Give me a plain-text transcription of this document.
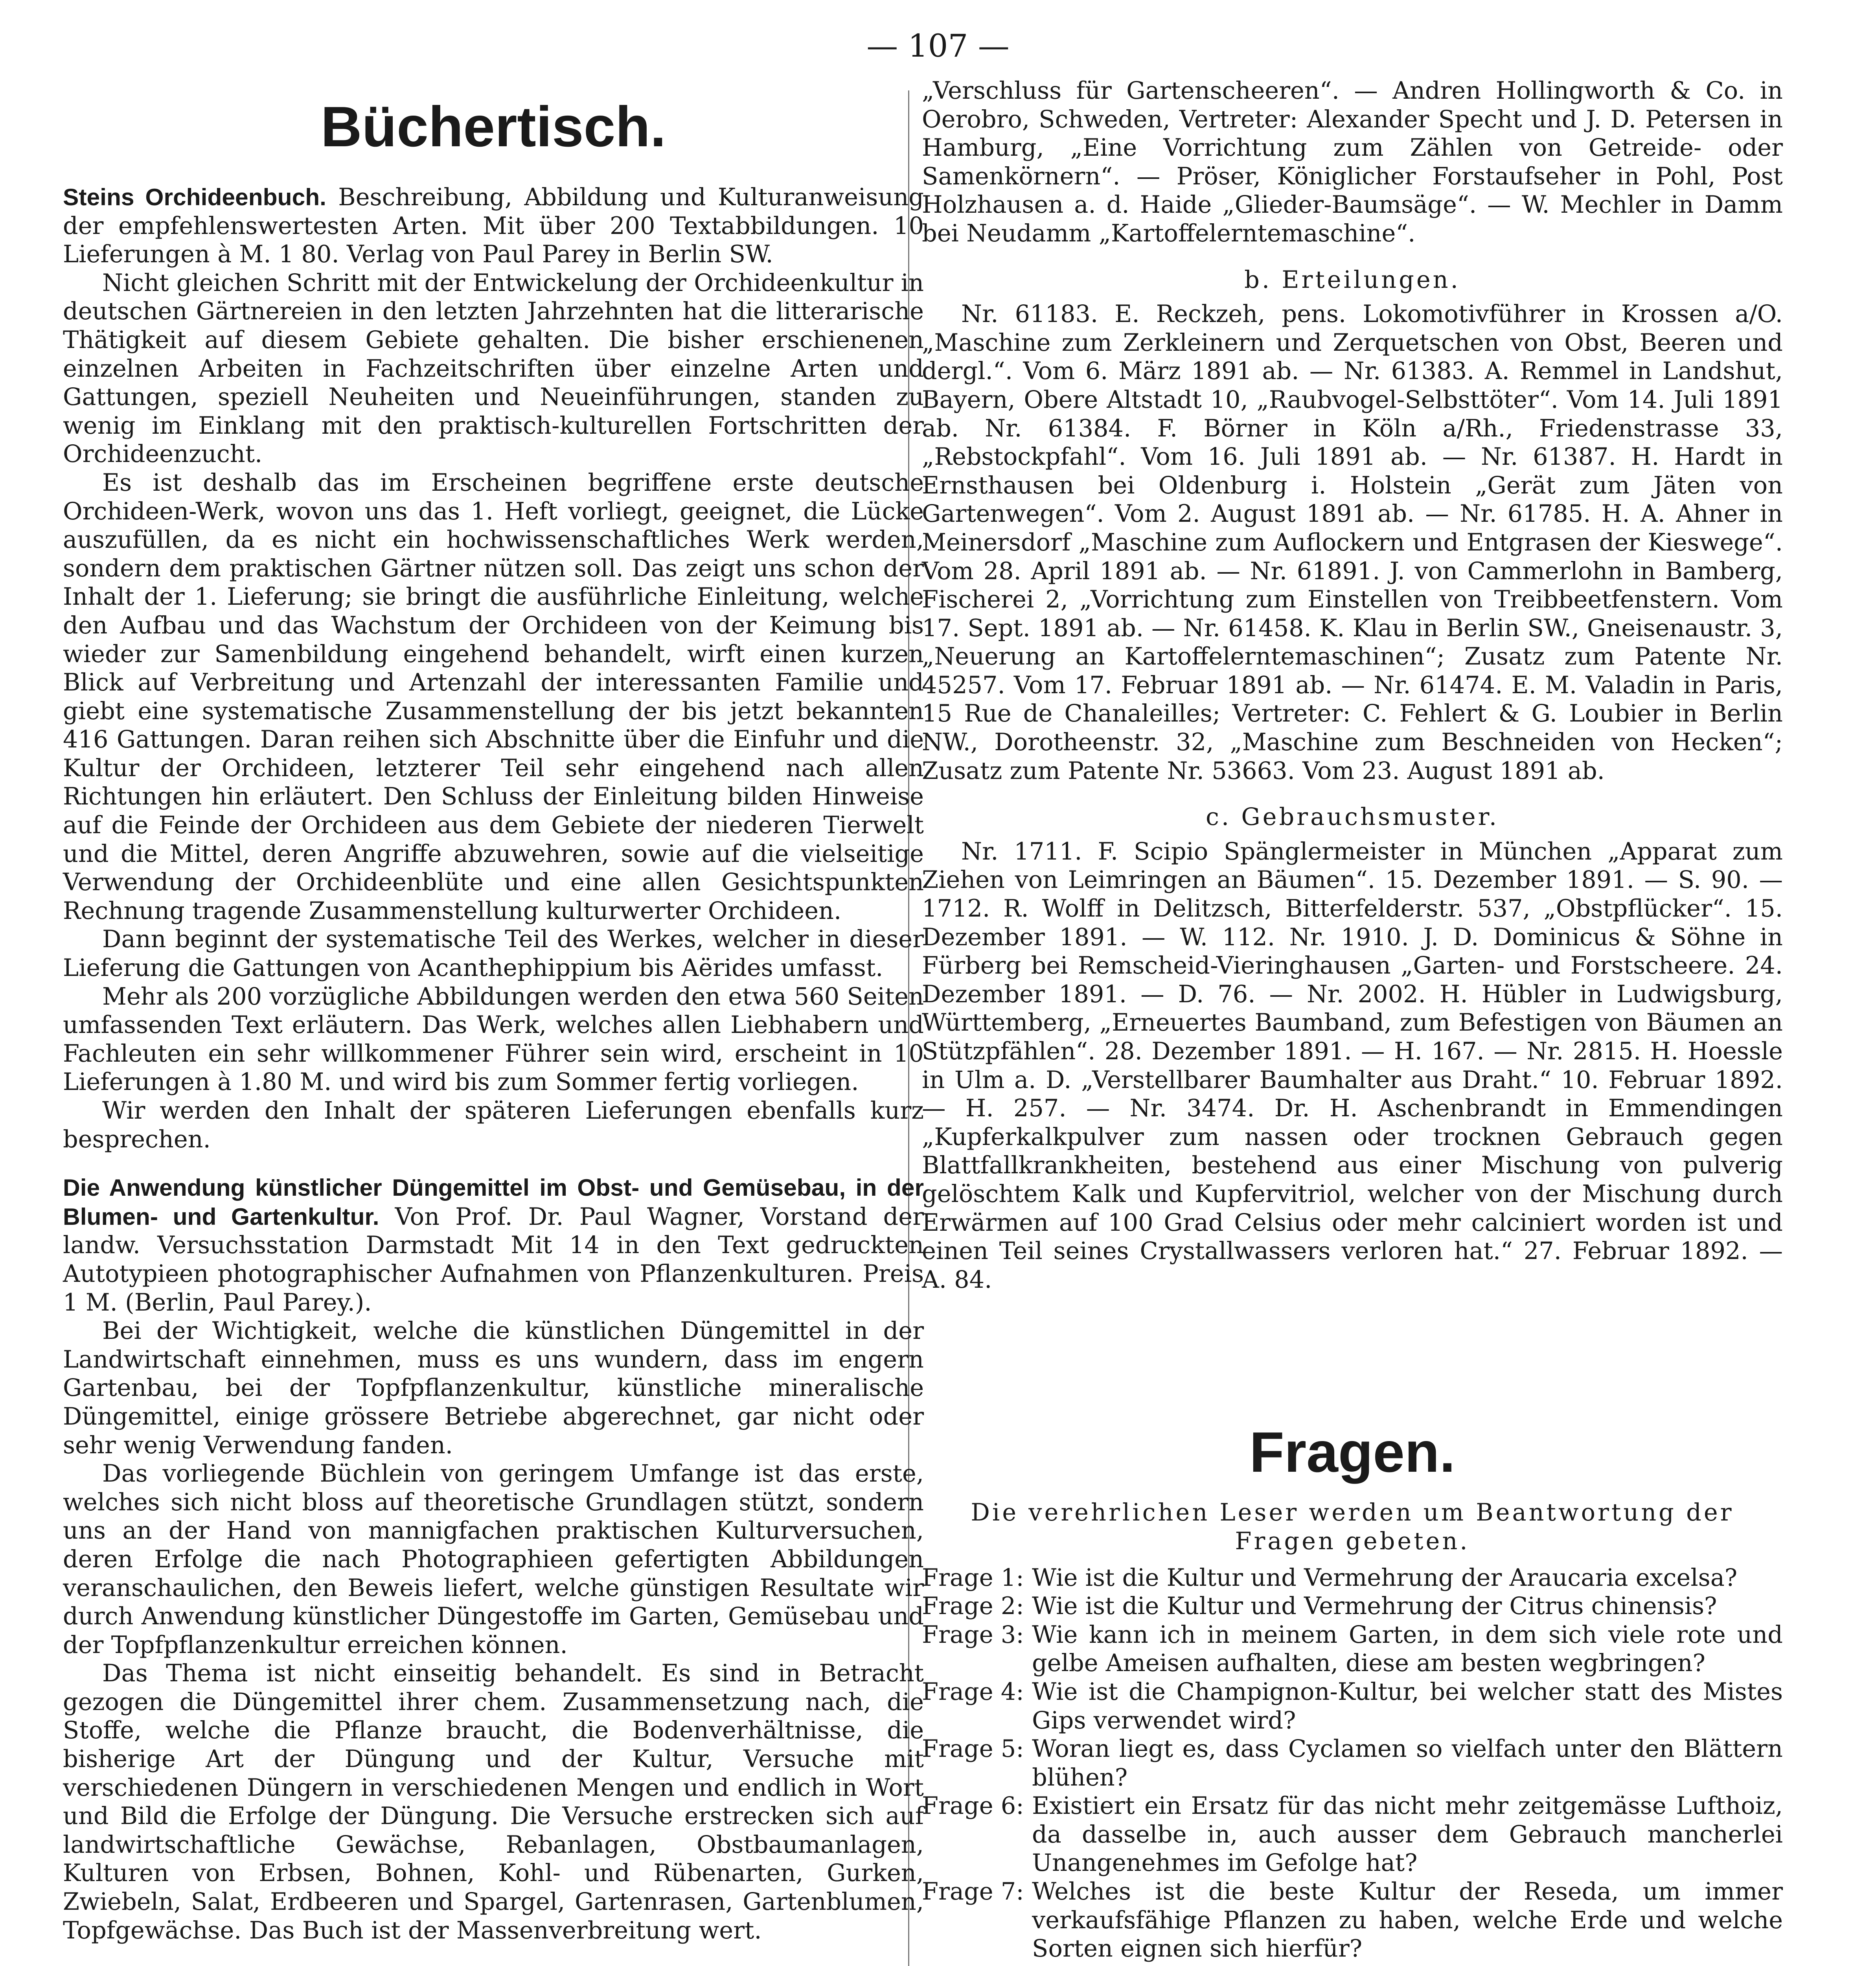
— 107 —
Büchertisch.

Steins Orchideenbuch. Beschreibung, Abbildung und Kulturanweisung der empfehlenswertesten Arten. Mit über 200 Textabbildungen. 10 Lieferungen à M. 1 80. Verlag von Paul Parey in Berlin SW.

Nicht gleichen Schritt mit der Entwickelung der Orchideenkultur in deutschen Gärtnereien in den letzten Jahrzehnten hat die litterarische Thätigkeit auf diesem Gebiete gehalten. Die bisher erschienenen einzelnen Arbeiten in Fachzeitschriften über einzelne Arten und Gattungen, speziell Neuheiten und Neueinführungen, standen zu wenig im Einklang mit den praktisch-kulturellen Fortschritten der Orchideenzucht.

Es ist deshalb das im Erscheinen begriffene erste deutsche Orchideen-Werk, wovon uns das 1. Heft vorliegt, geeignet, die Lücke auszufüllen, da es nicht ein hochwissenschaftliches Werk werden, sondern dem praktischen Gärtner nützen soll. Das zeigt uns schon der Inhalt der 1. Lieferung; sie bringt die ausführliche Einleitung, welche den Aufbau und das Wachstum der Orchideen von der Keimung bis wieder zur Samenbildung eingehend behandelt, wirft einen kurzen Blick auf Verbreitung und Artenzahl der interessanten Familie und giebt eine systematische Zusammenstellung der bis jetzt bekannten 416 Gattungen. Daran reihen sich Abschnitte über die Einfuhr und die Kultur der Orchideen, letzterer Teil sehr eingehend nach allen Richtungen hin erläutert. Den Schluss der Einleitung bilden Hinweise auf die Feinde der Orchideen aus dem Gebiete der niederen Tierwelt und die Mittel, deren Angriffe abzuwehren, sowie auf die vielseitige Verwendung der Orchideenblüte und eine allen Gesichtspunkten Rechnung tragende Zusammenstellung kulturwerter Orchideen.

Dann beginnt der systematische Teil des Werkes, welcher in dieser Lieferung die Gattungen von Acanthephippium bis Aërides umfasst.

Mehr als 200 vorzügliche Abbildungen werden den etwa 560 Seiten umfassenden Text erläutern. Das Werk, welches allen Liebhabern und Fachleuten ein sehr willkommener Führer sein wird, erscheint in 10 Lieferungen à 1.80 M. und wird bis zum Sommer fertig vorliegen.

Wir werden den Inhalt der späteren Lieferungen ebenfalls kurz besprechen.

Die Anwendung künstlicher Düngemittel im Obst- und Gemüsebau, in der Blumen- und Gartenkultur. Von Prof. Dr. Paul Wagner, Vorstand der landw. Versuchsstation Darmstadt Mit 14 in den Text gedruckten Autotypieen photographischer Aufnahmen von Pflanzenkulturen. Preis 1 M. (Berlin, Paul Parey.).

Bei der Wichtigkeit, welche die künstlichen Düngemittel in der Landwirtschaft einnehmen, muss es uns wundern, dass im engern Gartenbau, bei der Topfpflanzenkultur, künstliche mineralische Düngemittel, einige grössere Betriebe abgerechnet, gar nicht oder sehr wenig Verwendung fanden.

Das vorliegende Büchlein von geringem Umfange ist das erste, welches sich nicht bloss auf theoretische Grundlagen stützt, sondern uns an der Hand von mannigfachen praktischen Kulturversuchen, deren Erfolge die nach Photographieen gefertigten Abbildungen veranschaulichen, den Beweis liefert, welche günstigen Resultate wir durch Anwendung künstlicher Düngestoffe im Garten, Gemüsebau und der Topfpflanzenkultur erreichen können.

Das Thema ist nicht einseitig behandelt. Es sind in Betracht gezogen die Düngemittel ihrer chem. Zusammensetzung nach, die Stoffe, welche die Pflanze braucht, die Bodenverhältnisse, die bisherige Art der Düngung und der Kultur, Versuche mit verschiedenen Düngern in verschiedenen Mengen und endlich in Wort und Bild die Erfolge der Düngung. Die Versuche erstrecken sich auf landwirtschaftliche Gewächse, Rebanlagen, Obstbaumanlagen, Kulturen von Erbsen, Bohnen, Kohl- und Rübenarten, Gurken, Zwiebeln, Salat, Erdbeeren und Spargel, Gartenrasen, Gartenblumen, Topfgewächse. Das Buch ist der Massenverbreitung wert.

„Verschluss für Gartenscheeren“. — Andren Hollingworth & Co. in Oerobro, Schweden, Vertreter: Alexander Specht und J. D. Petersen in Hamburg, „Eine Vorrichtung zum Zählen von Getreide- oder Samenkörnern“. — Pröser, Königlicher Forstaufseher in Pohl, Post Holzhausen a. d. Haide „Glieder-Baumsäge“. — W. Mechler in Damm bei Neudamm „Kartoffelerntemaschine“.

b. Erteilungen.

Nr. 61183. E. Reckzeh, pens. Lokomotivführer in Krossen a/O. „Maschine zum Zerkleinern und Zerquetschen von Obst, Beeren und dergl.“. Vom 6. März 1891 ab. — Nr. 61383. A. Remmel in Landshut, Bayern, Obere Altstadt 10, „Raubvogel-Selbsttöter“. Vom 14. Juli 1891 ab. Nr. 61384. F. Börner in Köln a/Rh., Friedenstrasse 33, „Rebstockpfahl“. Vom 16. Juli 1891 ab. — Nr. 61387. H. Hardt in Ernsthausen bei Oldenburg i. Holstein „Gerät zum Jäten von Gartenwegen“. Vom 2. August 1891 ab. — Nr. 61785. H. A. Ahner in Meinersdorf „Maschine zum Auflockern und Entgrasen der Kieswege“. Vom 28. April 1891 ab. — Nr. 61891. J. von Cammerlohn in Bamberg, Fischerei 2, „Vorrichtung zum Einstellen von Treibbeetfenstern. Vom 17. Sept. 1891 ab. — Nr. 61458. K. Klau in Berlin SW., Gneisenaustr. 3, „Neuerung an Kartoffelerntemaschinen“; Zusatz zum Patente Nr. 45257. Vom 17. Februar 1891 ab. — Nr. 61474. E. M. Valadin in Paris, 15 Rue de Chanaleilles; Vertreter: C. Fehlert & G. Loubier in Berlin NW., Dorotheenstr. 32, „Maschine zum Beschneiden von Hecken“; Zusatz zum Patente Nr. 53663. Vom 23. August 1891 ab.

c. Gebrauchsmuster.

Nr. 1711. F. Scipio Spänglermeister in München „Apparat zum Ziehen von Leimringen an Bäumen“. 15. Dezember 1891. — S. 90. — 1712. R. Wolff in Delitzsch, Bitterfelderstr. 537, „Obstpflücker“. 15. Dezember 1891. — W. 112. Nr. 1910. J. D. Dominicus & Söhne in Fürberg bei Remscheid-Vieringhausen „Garten- und Forstscheere. 24. Dezember 1891. — D. 76. — Nr. 2002. H. Hübler in Ludwigsburg, Württemberg, „Erneuertes Baumband, zum Befestigen von Bäumen an Stützpfählen“. 28. Dezember 1891. — H. 167. — Nr. 2815. H. Hoessle in Ulm a. D. „Verstellbarer Baumhalter aus Draht.“ 10. Februar 1892. — H. 257. — Nr. 3474. Dr. H. Aschenbrandt in Emmendingen „Kupferkalkpulver zum nassen oder trocknen Gebrauch gegen Blattfallkrankheiten, bestehend aus einer Mischung von pulverig gelöschtem Kalk und Kupfervitriol, welcher von der Mischung durch Erwärmen auf 100 Grad Celsius oder mehr calciniert worden ist und einen Teil seines Crystallwassers verloren hat.“ 27. Februar 1892. — A. 84.

Fragen.

Die verehrlichen Leser werden um Beantwortung der Fragen gebeten.

Frage 1: Wie ist die Kultur und Vermehrung der Araucaria excelsa?
Frage 2: Wie ist die Kultur und Vermehrung der Citrus chinensis?
Frage 3: Wie kann ich in meinem Garten, in dem sich viele rote und gelbe Ameisen aufhalten, diese am besten wegbringen?
Frage 4: Wie ist die Champignon-Kultur, bei welcher statt des Mistes Gips verwendet wird?
Frage 5: Woran liegt es, dass Cyclamen so vielfach unter den Blättern blühen?
Frage 6: Existiert ein Ersatz für das nicht mehr zeitgemässe Lufthoiz, da dasselbe in, auch ausser dem Gebrauch mancherlei Unangenehmes im Gefolge hat?
Frage 7: Welches ist die beste Kultur der Reseda, um immer verkaufsfähige Pflanzen zu haben, welche Erde und welche Sorten eignen sich hierfür?
